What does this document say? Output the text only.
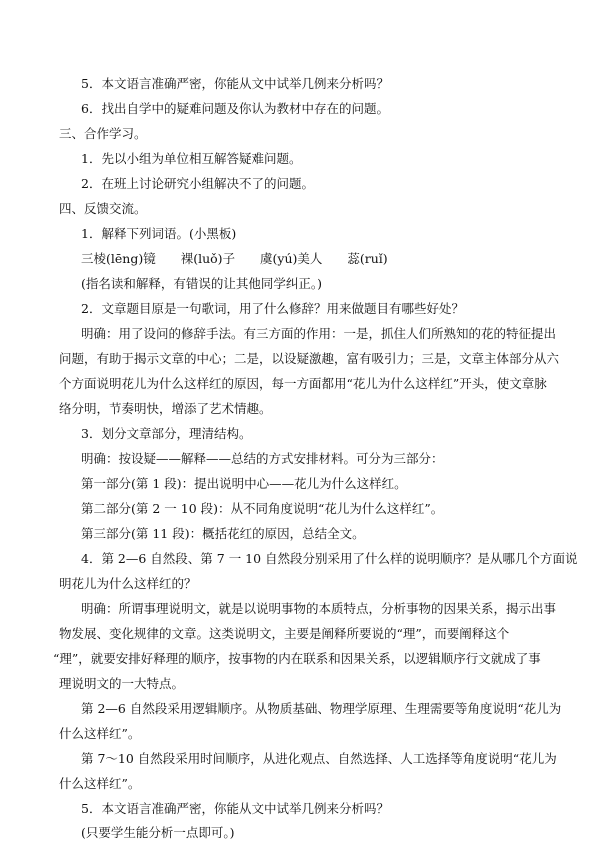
5．本文语言准确严密，你能从文中试举几例来分析吗？
6．找出自学中的疑难问题及你认为教材中存在的问题。
三、合作学习。
1．先以小组为单位相互解答疑难问题。
2．在班上讨论研究小组解决不了的问题。
四、反馈交流。
1．解释下列词语。(小黑板)
三棱(lēng)镜　　裸(luǒ)子　　虞(yú)美人　　蕊(ruǐ)
(指名读和解释，有错误的让其他同学纠正。)
2．文章题目原是一句歌词，用了什么修辞？用来做题目有哪些好处？
明确：用了设问的修辞手法。有三方面的作用：一是，抓住人们所熟知的花的特征提出
问题，有助于揭示文章的中心；二是，以设疑激趣，富有吸引力；三是，文章主体部分从六
个方面说明花儿为什么这样红的原因，每一方面都用“花儿为什么这样红”开头，使文章脉
络分明，节奏明快，增添了艺术情趣。
3．划分文章部分，理清结构。
明确：按设疑——解释——总结的方式安排材料。可分为三部分：
第一部分(第 1 段)：提出说明中心——花儿为什么这样红。
第二部分(第 2 一 10 段)：从不同角度说明“花儿为什么这样红”。
第三部分(第 11 段)：概括花红的原因，总结全文。
4．第 2—6 自然段、第 7 一 10 自然段分别采用了什么样的说明顺序？是从哪几个方面说
明花儿为什么这样红的？
明确：所谓事理说明文，就是以说明事物的本质特点，分析事物的因果关系，揭示出事
物发展、变化规律的文章。这类说明文，主要是阐释所要说的“理”，而要阐释这个
“理”，就要安排好释理的顺序，按事物的内在联系和因果关系，以逻辑顺序行文就成了事
理说明文的一大特点。
第 2—6 自然段采用逻辑顺序。从物质基础、物理学原理、生理需要等角度说明“花儿为
什么这样红”。
第 7～10 自然段采用时间顺序，从进化观点、自然选择、人工选择等角度说明“花儿为
什么这样红”。
5．本文语言准确严密，你能从文中试举几例来分析吗？
(只要学生能分析一点即可。)
